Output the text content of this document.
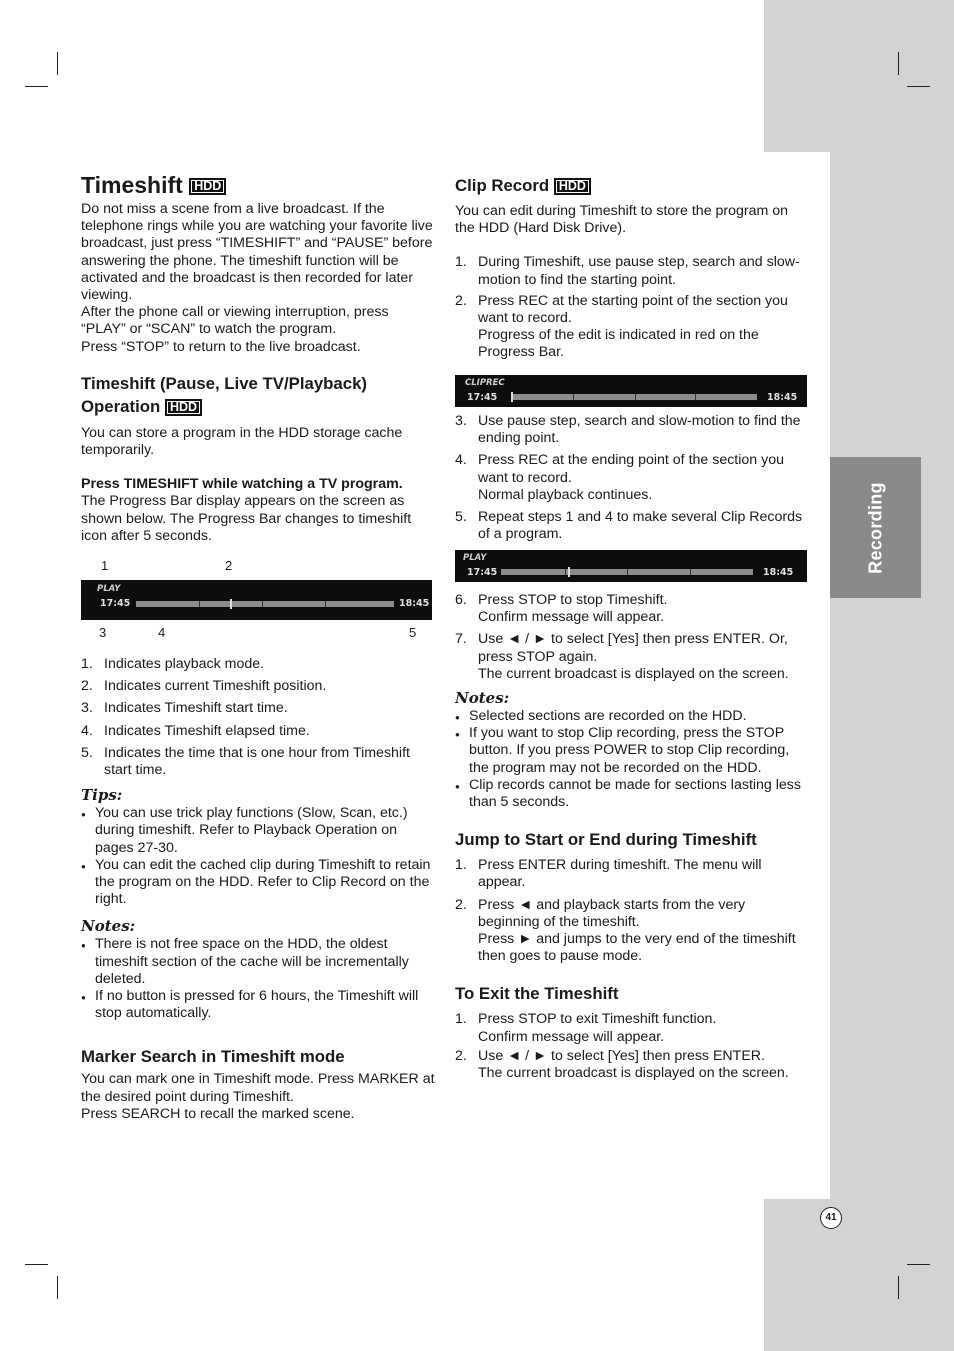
Recording
41
Timeshift HDD

Do not miss a scene from a live broadcast. If the telephone rings while you are watching your favorite live broadcast, just press “TIMESHIFT” and “PAUSE” before answering the phone. The timeshift function will be activated and the broadcast is then recorded for later viewing.

After the phone call or viewing interruption, press “PLAY” or “SCAN” to watch the program.

Press “STOP” to return to the live broadcast.

Timeshift (Pause, Live TV/Playback) Operation HDD

You can store a program in the HDD storage cache temporarily.

Press TIMESHIFT while watching a TV program.

The Progress Bar display appears on the screen as shown below. The Progress Bar changes to timeshift icon after 5 seconds.

1	2
PLAY
17:45	18:45
3	4	5
1. Indicates playback mode.
2. Indicates current Timeshift position.
3. Indicates Timeshift start time.
4. Indicates Timeshift elapsed time.
5. Indicates the time that is one hour from Timeshift start time.
Tips:
● You can use trick play functions (Slow, Scan, etc.) during timeshift. Refer to Playback Operation on pages 27-30.
● You can edit the cached clip during Timeshift to retain the program on the HDD. Refer to Clip Record on the right.
Notes:
● There is not free space on the HDD, the oldest timeshift section of the cache will be incrementally deleted.
● If no button is pressed for 6 hours, the Timeshift will stop automatically.
Marker Search in Timeshift mode

You can mark one in Timeshift mode. Press MARKER at the desired point during Timeshift.

Press SEARCH to recall the marked scene.

Clip Record HDD

You can edit during Timeshift to store the program on the HDD (Hard Disk Drive).

1. During Timeshift, use pause step, search and slow-motion to find the starting point.
2. Press REC at the starting point of the section you want to record.
Progress of the edit is indicated in red on the Progress Bar.
CLIPREC
17:45	18:45
3. Use pause step, search and slow-motion to find the ending point.
4. Press REC at the ending point of the section you want to record.
Normal playback continues.
5. Repeat steps 1 and 4 to make several Clip Records of a program.
PLAY
17:45	18:45
6. Press STOP to stop Timeshift.
Confirm message will appear.
7. Use ◄ / ► to select [Yes] then press ENTER. Or, press STOP again.
The current broadcast is displayed on the screen.
Notes:
● Selected sections are recorded on the HDD.
● If you want to stop Clip recording, press the STOP button. If you press POWER to stop Clip recording, the program may not be recorded on the HDD.
● Clip records cannot be made for sections lasting less than 5 seconds.
Jump to Start or End during Timeshift
1. Press ENTER during timeshift. The menu will appear.
2. Press ◄ and playback starts from the very beginning of the timeshift.
Press ► and jumps to the very end of the timeshift then goes to pause mode.
To Exit the Timeshift
1. Press STOP to exit Timeshift function.
Confirm message will appear.
2. Use ◄ / ► to select [Yes] then press ENTER.
The current broadcast is displayed on the screen.
